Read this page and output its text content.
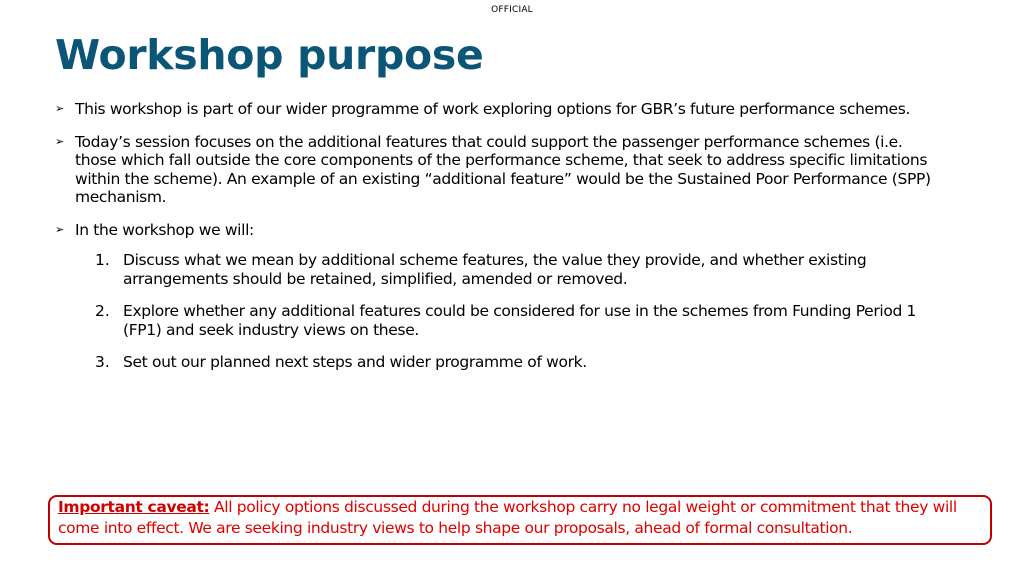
OFFICIAL
Workshop purpose
➢ This workshop is part of our wider programme of work exploring options for GBR’s future performance schemes.
➢ Today’s session focuses on the additional features that could support the passenger performance schemes (i.e. those which fall outside the core components of the performance scheme, that seek to address specific limitations within the scheme). An example of an existing “additional feature” would be the Sustained Poor Performance (SPP) mechanism.
➢ In the workshop we will:
1. Discuss what we mean by additional scheme features, the value they provide, and whether existing arrangements should be retained, simplified, amended or removed.
2. Explore whether any additional features could be considered for use in the schemes from Funding Period 1 (FP1) and seek industry views on these.
3. Set out our planned next steps and wider programme of work.
Important caveat: All policy options discussed during the workshop carry no legal weight or commitment that they will come into effect. We are seeking industry views to help shape our proposals, ahead of formal consultation.
